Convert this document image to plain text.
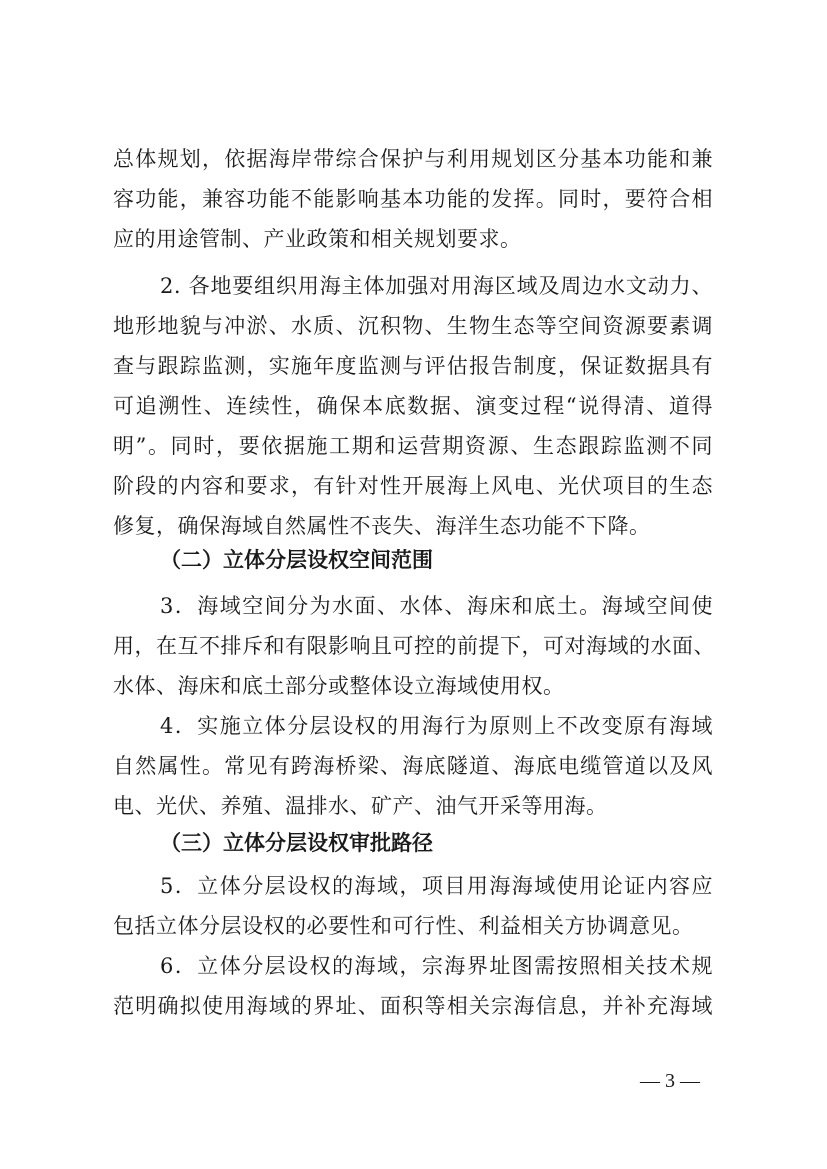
总体规划，依据海岸带综合保护与利用规划区分基本功能和兼
容功能，兼容功能不能影响基本功能的发挥。同时，要符合相
应的用途管制、产业政策和相关规划要求。
2. 各地要组织用海主体加强对用海区域及周边水文动力、
地形地貌与冲淤、水质、沉积物、生物生态等空间资源要素调
查与跟踪监测，实施年度监测与评估报告制度，保证数据具有
可追溯性、连续性，确保本底数据、演变过程“说得清、道得
明”。同时，要依据施工期和运营期资源、生态跟踪监测不同
阶段的内容和要求，有针对性开展海上风电、光伏项目的生态
修复，确保海域自然属性不丧失、海洋生态功能不下降。
（二）立体分层设权空间范围
3．海域空间分为水面、水体、海床和底土。海域空间使
用，在互不排斥和有限影响且可控的前提下，可对海域的水面、
水体、海床和底土部分或整体设立海域使用权。
4．实施立体分层设权的用海行为原则上不改变原有海域
自然属性。常见有跨海桥梁、海底隧道、海底电缆管道以及风
电、光伏、养殖、温排水、矿产、油气开采等用海。
（三）立体分层设权审批路径
5．立体分层设权的海域，项目用海海域使用论证内容应
包括立体分层设权的必要性和可行性、利益相关方协调意见。
6．立体分层设权的海域，宗海界址图需按照相关技术规
范明确拟使用海域的界址、面积等相关宗海信息，并补充海域
— 3 —
